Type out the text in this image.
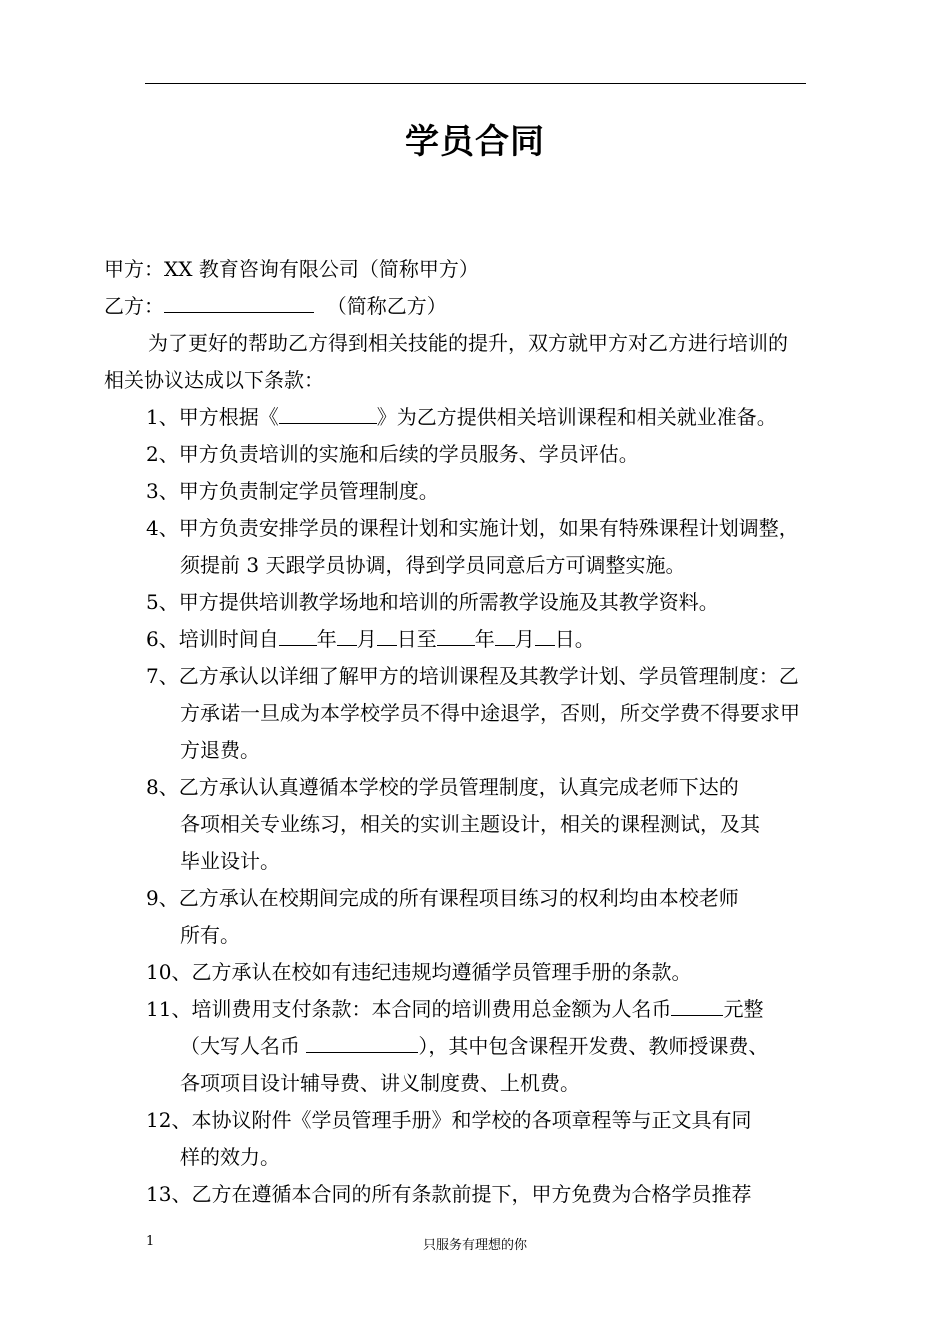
学员合同
甲方：XX 教育咨询有限公司（简称甲方）
乙方：	（简称乙方）
为了更好的帮助乙方得到相关技能的提升，双方就甲方对乙方进行培训的
相关协议达成以下条款：
1、甲方根据《	》为乙方提供相关培训课程和相关就业准备。
2、甲方负责培训的实施和后续的学员服务、学员评估。
3、甲方负责制定学员管理制度。
4、甲方负责安排学员的课程计划和实施计划，如果有特殊课程计划调整，
须提前 3 天跟学员协调，得到学员同意后方可调整实施。
5、甲方提供培训教学场地和培训的所需教学设施及其教学资料。
6、培训时间自 年 月 日至 年 月 日。
7、乙方承认以详细了解甲方的培训课程及其教学计划、学员管理制度：乙
方承诺一旦成为本学校学员不得中途退学，否则，所交学费不得要求甲
方退费。
8、乙方承认认真遵循本学校的学员管理制度，认真完成老师下达的
各项相关专业练习，相关的实训主题设计，相关的课程测试，及其
毕业设计。
9、乙方承认在校期间完成的所有课程项目练习的权利均由本校老师
所有。
10、乙方承认在校如有违纪违规均遵循学员管理手册的条款。
11、培训费用支付条款：本合同的培训费用总金额为人名币	元整
（大写人名币	），其中包含课程开发费、教师授课费、
各项项目设计辅导费、讲义制度费、上机费。
12、本协议附件《学员管理手册》和学校的各项章程等与正文具有同
样的效力。
13、乙方在遵循本合同的所有条款前提下，甲方免费为合格学员推荐
1	只服务有理想的你
